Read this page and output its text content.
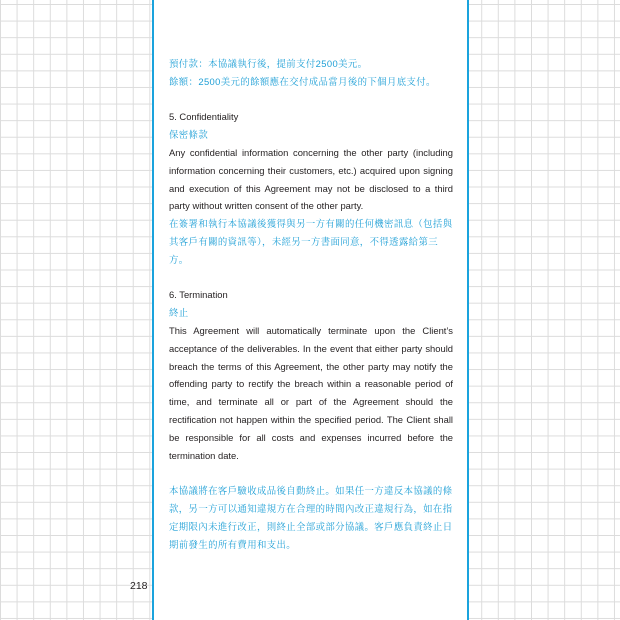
預付款：本協議執行後，提前支付2500美元。

餘額：2500美元的餘額應在交付成品當月後的下個月底支付。

5. Confidentiality

保密條款

Any confidential information concerning the other party (including information concerning their customers, etc.) acquired upon signing and execution of this Agreement may not be disclosed to a third party without written consent of the other party.

在簽署和執行本協議後獲得與另一方有關的任何機密訊息（包括與其客戶有關的資訊等），未經另一方書面同意，不得透露給第三方。

6. Termination

終止

This Agreement will automatically terminate upon the Client’s acceptance of the deliverables. In the event that either party should breach the terms of this Agreement, the other party may notify the offending party to rectify the breach within a reasonable period of time, and terminate all or part of the Agreement should the rectification not happen within the specified period. The Client shall be responsible for all costs and expenses incurred before the termination date.

本協議將在客戶驗收成品後自動終止。如果任一方違反本協議的條款，另一方可以通知違規方在合理的時間內改正違規行為，如在指定期限內未進行改正，則終止全部或部分協議。客戶應負責終止日期前發生的所有費用和支出。

218
